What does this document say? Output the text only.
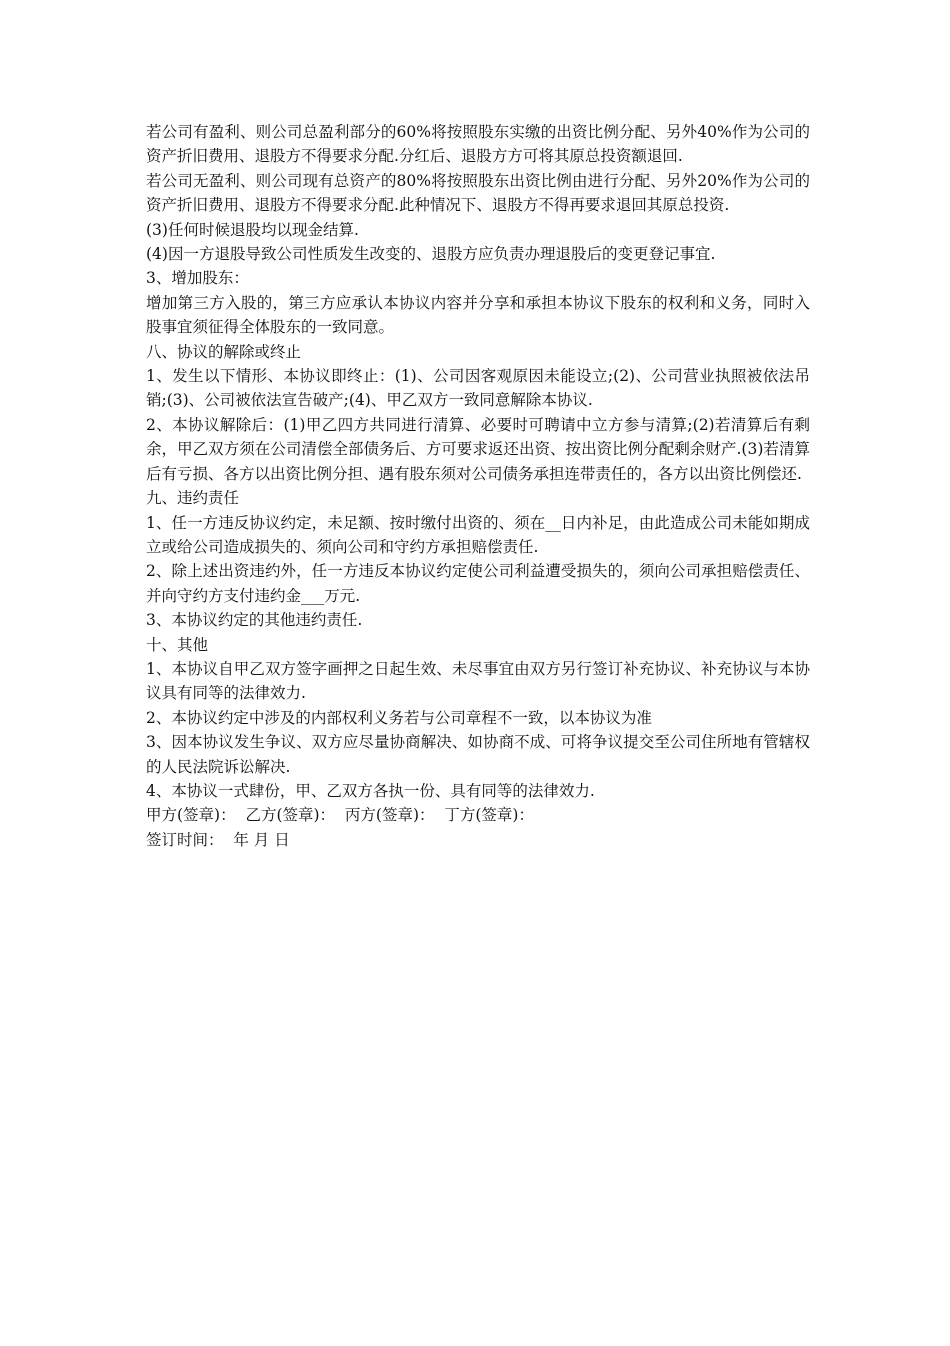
若公司有盈利、则公司总盈利部分的60%将按照股东实缴的出资比例分配、另外40%作为公司的资产折旧费用、退股方不得要求分配.分红后、退股方方可将其原总投资额退回.

若公司无盈利、则公司现有总资产的80%将按照股东出资比例由进行分配、另外20%作为公司的资产折旧费用、退股方不得要求分配.此种情况下、退股方不得再要求退回其原总投资.

(3)任何时候退股均以现金结算.

(4)因一方退股导致公司性质发生改变的、退股方应负责办理退股后的变更登记事宜.

3、增加股东：

增加第三方入股的，第三方应承认本协议内容并分享和承担本协议下股东的权利和义务，同时入股事宜须征得全体股东的一致同意。

八、协议的解除或终止

1、发生以下情形、本协议即终止：(1)、公司因客观原因未能设立;(2)、公司营业执照被依法吊销;(3)、公司被依法宣告破产;(4)、甲乙双方一致同意解除本协议.

2、本协议解除后：(1)甲乙四方共同进行清算、必要时可聘请中立方参与清算;(2)若清算后有剩余，甲乙双方须在公司清偿全部债务后、方可要求返还出资、按出资比例分配剩余财产.(3)若清算后有亏损、各方以出资比例分担、遇有股东须对公司债务承担连带责任的，各方以出资比例偿还.

九、违约责任

1、任一方违反协议约定，未足额、按时缴付出资的、须在__日内补足，由此造成公司未能如期成立或给公司造成损失的、须向公司和守约方承担赔偿责任.

2、除上述出资违约外，任一方违反本协议约定使公司利益遭受损失的，须向公司承担赔偿责任、并向守约方支付违约金___万元.

3、本协议约定的其他违约责任.

十、其他

1、本协议自甲乙双方签字画押之日起生效、未尽事宜由双方另行签订补充协议、补充协议与本协议具有同等的法律效力.

2、本协议约定中涉及的内部权利义务若与公司章程不一致，以本协议为准

3、因本协议发生争议、双方应尽量协商解决、如协商不成、可将争议提交至公司住所地有管辖权的人民法院诉讼解决.

4、本协议一式肆份，甲、乙双方各执一份、具有同等的法律效力.

甲方(签章)：  乙方(签章)：  丙方(签章)：  丁方(签章)：

签订时间：  年 月 日
